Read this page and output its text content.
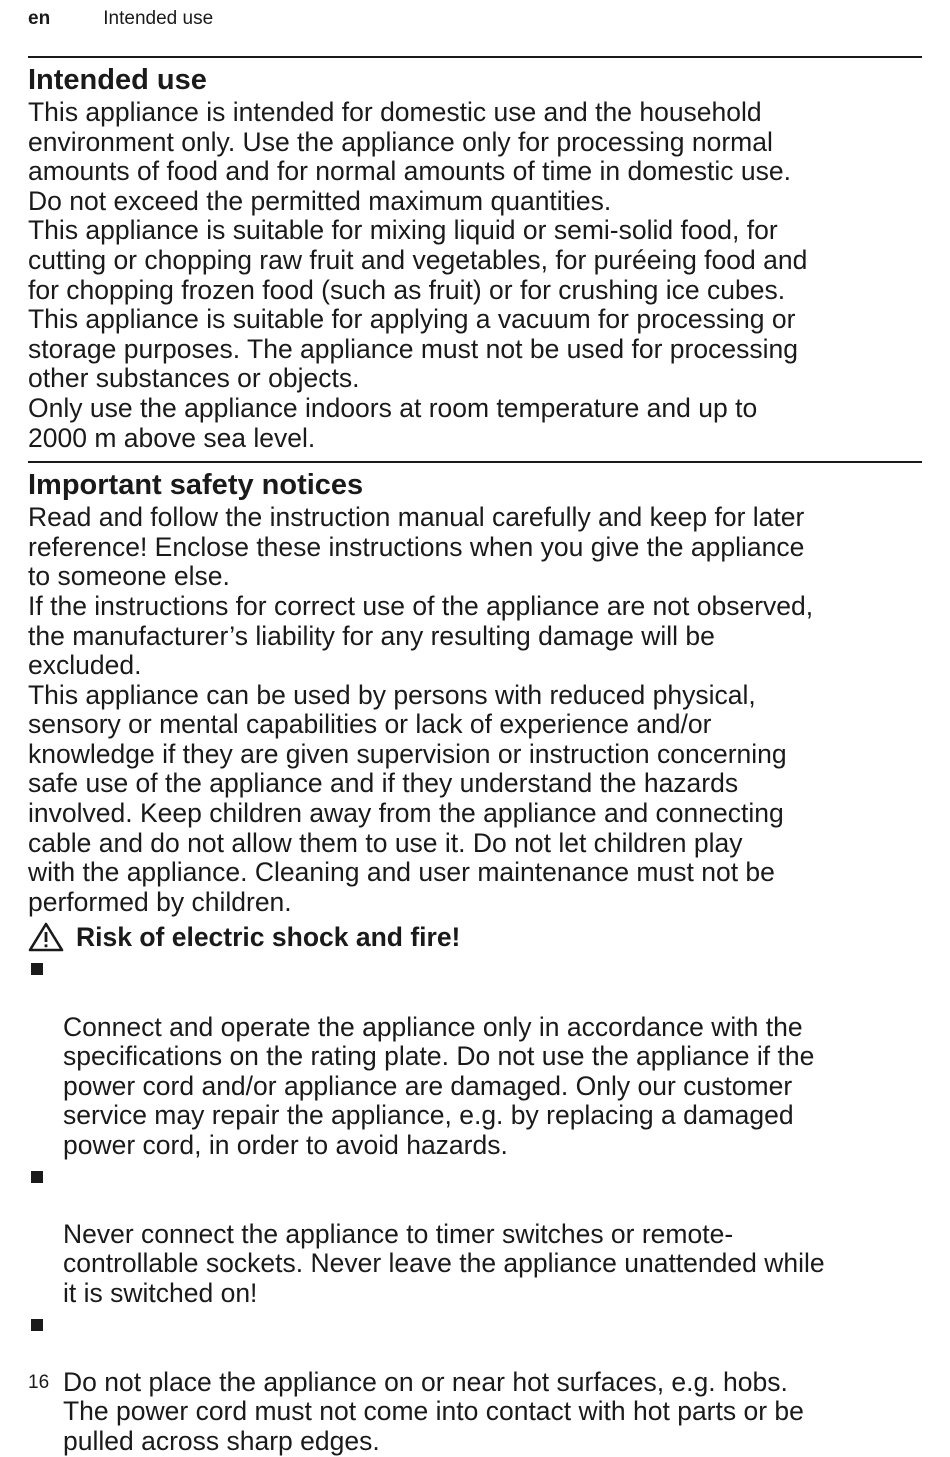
en	Intended use
Intended use

This appliance is intended for domestic use and the household
environment only. Use the appliance only for processing normal
amounts of food and for normal amounts of time in domestic use.
Do not exceed the permitted maximum quantities.

This appliance is suitable for mixing liquid or semi-solid food, for
cutting or chopping raw fruit and vegetables, for puréeing food and
for chopping frozen food (such as fruit) or for crushing ice cubes.

This appliance is suitable for applying a vacuum for processing or
storage purposes. The appliance must not be used for processing
other substances or objects.

Only use the appliance indoors at room temperature and up to
2000 m above sea level.

Important safety notices

Read and follow the instruction manual carefully and keep for later
reference! Enclose these instructions when you give the appliance
to someone else.

If the instructions for correct use of the appliance are not observed,
the manufacturer’s liability for any resulting damage will be
excluded.

This appliance can be used by persons with reduced physical,
sensory or mental capabilities or lack of experience and/or
knowledge if they are given supervision or instruction concerning
safe use of the appliance and if they understand the hazards
involved. Keep children away from the appliance and connecting
cable and do not allow them to use it. Do not let children play
with the appliance. Cleaning and user maintenance must not be
performed by children.

Risk of electric shock and fire!

Connect and operate the appliance only in accordance with the
specifications on the rating plate. Do not use the appliance if the
power cord and/or appliance are damaged. Only our customer
service may repair the appliance, e.g. by replacing a damaged
power cord, in order to avoid hazards.

Never connect the appliance to timer switches or remote-
controllable sockets. Never leave the appliance unattended while
it is switched on!

Do not place the appliance on or near hot surfaces, e.g. hobs.
The power cord must not come into contact with hot parts or be
pulled across sharp edges.

16
